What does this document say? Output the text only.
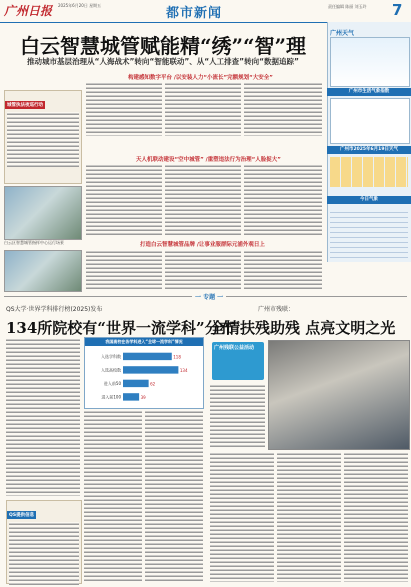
广州日报 2025年6月20日 星期五
都市新闻	责任编辑 陈丽 刘玉玲 7
白云智慧城管赋能精“绣”“智”理
推动城市基层治理从“人海战术”转向“智能联动”、从“人工排查”转向“数据追踪”
城管执法夜巡行动
白云区智慧城管指挥中心运行场景
构建感知数字平台 /以安装人力“小流长”完额规划“大安全”
天人机联动建设“空中城管” /重塑违法行为治理“人脸捉大”
打造白云智慧城管品牌 /让事业服群际元浦外观日上
广州天气
广州市生活气象指数
广州市2025年6月19日天气
今日气象
一 专题 一
QS大学·世界学科排行榜(2025)发布
134所院校有“世界一流学科”分布
我国高校在各学科进入“全球一流学科”情况
入选学科数	118
入选高校数	134
进入前50	62
进入前100	39
QS提供信息
广州市残联：
全情扶残助残 点亮文明之光
广州残联公益活动
